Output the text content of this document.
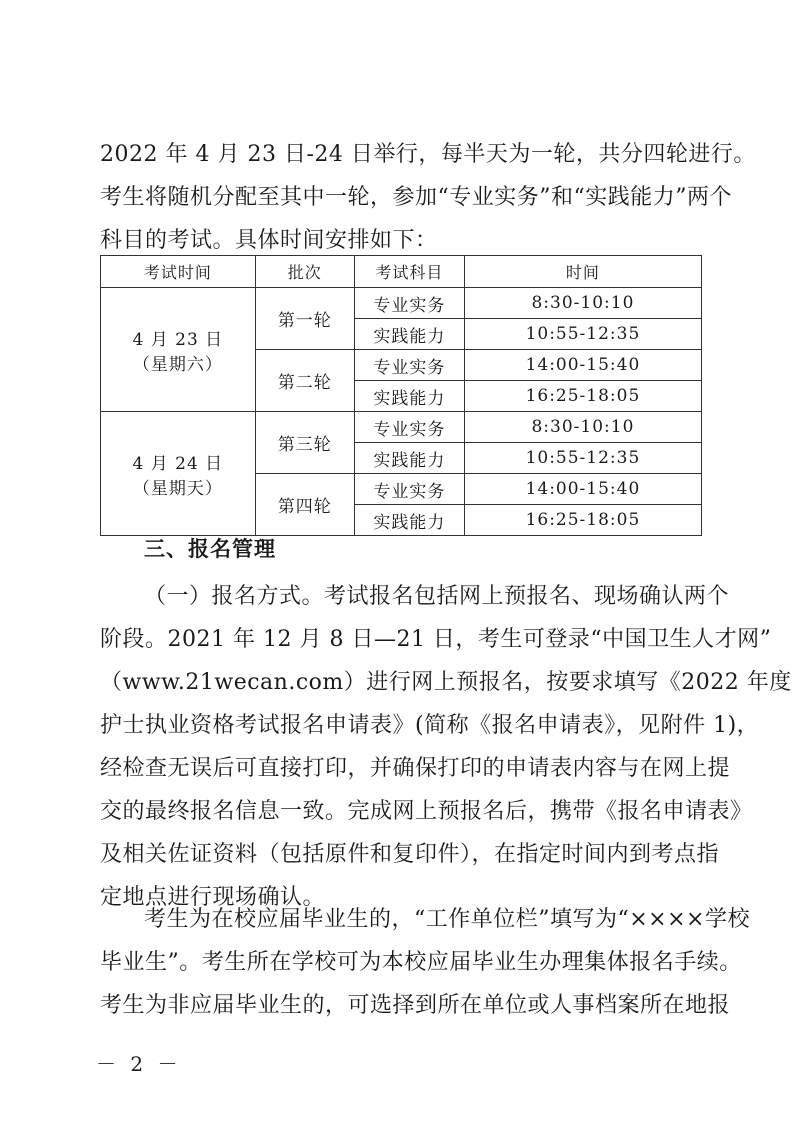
2022 年 4 月 23 日-24 日举行，每半天为一轮，共分四轮进行。
考生将随机分配至其中一轮，参加“专业实务”和“实践能力”两个
科目的考试。具体时间安排如下：
考试时间	批次	考试科目	时间

4 月 23 日
（星期六）	第一轮	专业实务	8:30-10:10
		实践能力	10:55-12:35
	第二轮	专业实务	14:00-15:40
		实践能力	16:25-18:05

4 月 24 日
（星期天）	第三轮	专业实务	8:30-10:10
		实践能力	10:55-12:35
	第四轮	专业实务	14:00-15:40
		实践能力	16:25-18:05
三、报名管理
（一）报名方式。考试报名包括网上预报名、现场确认两个
阶段。2021 年 12 月 8 日—21 日，考生可登录“中国卫生人才网”
（www.21wecan.com）进行网上预报名，按要求填写《2022 年度
护士执业资格考试报名申请表》(简称《报名申请表》，见附件 1)，
经检查无误后可直接打印，并确保打印的申请表内容与在网上提
交的最终报名信息一致。完成网上预报名后，携带《报名申请表》
及相关佐证资料（包括原件和复印件），在指定时间内到考点指
定地点进行现场确认。
考生为在校应届毕业生的，“工作单位栏”填写为“××××学校
毕业生”。考生所在学校可为本校应届毕业生办理集体报名手续。
考生为非应届毕业生的，可选择到所在单位或人事档案所在地报
－ 2 －
